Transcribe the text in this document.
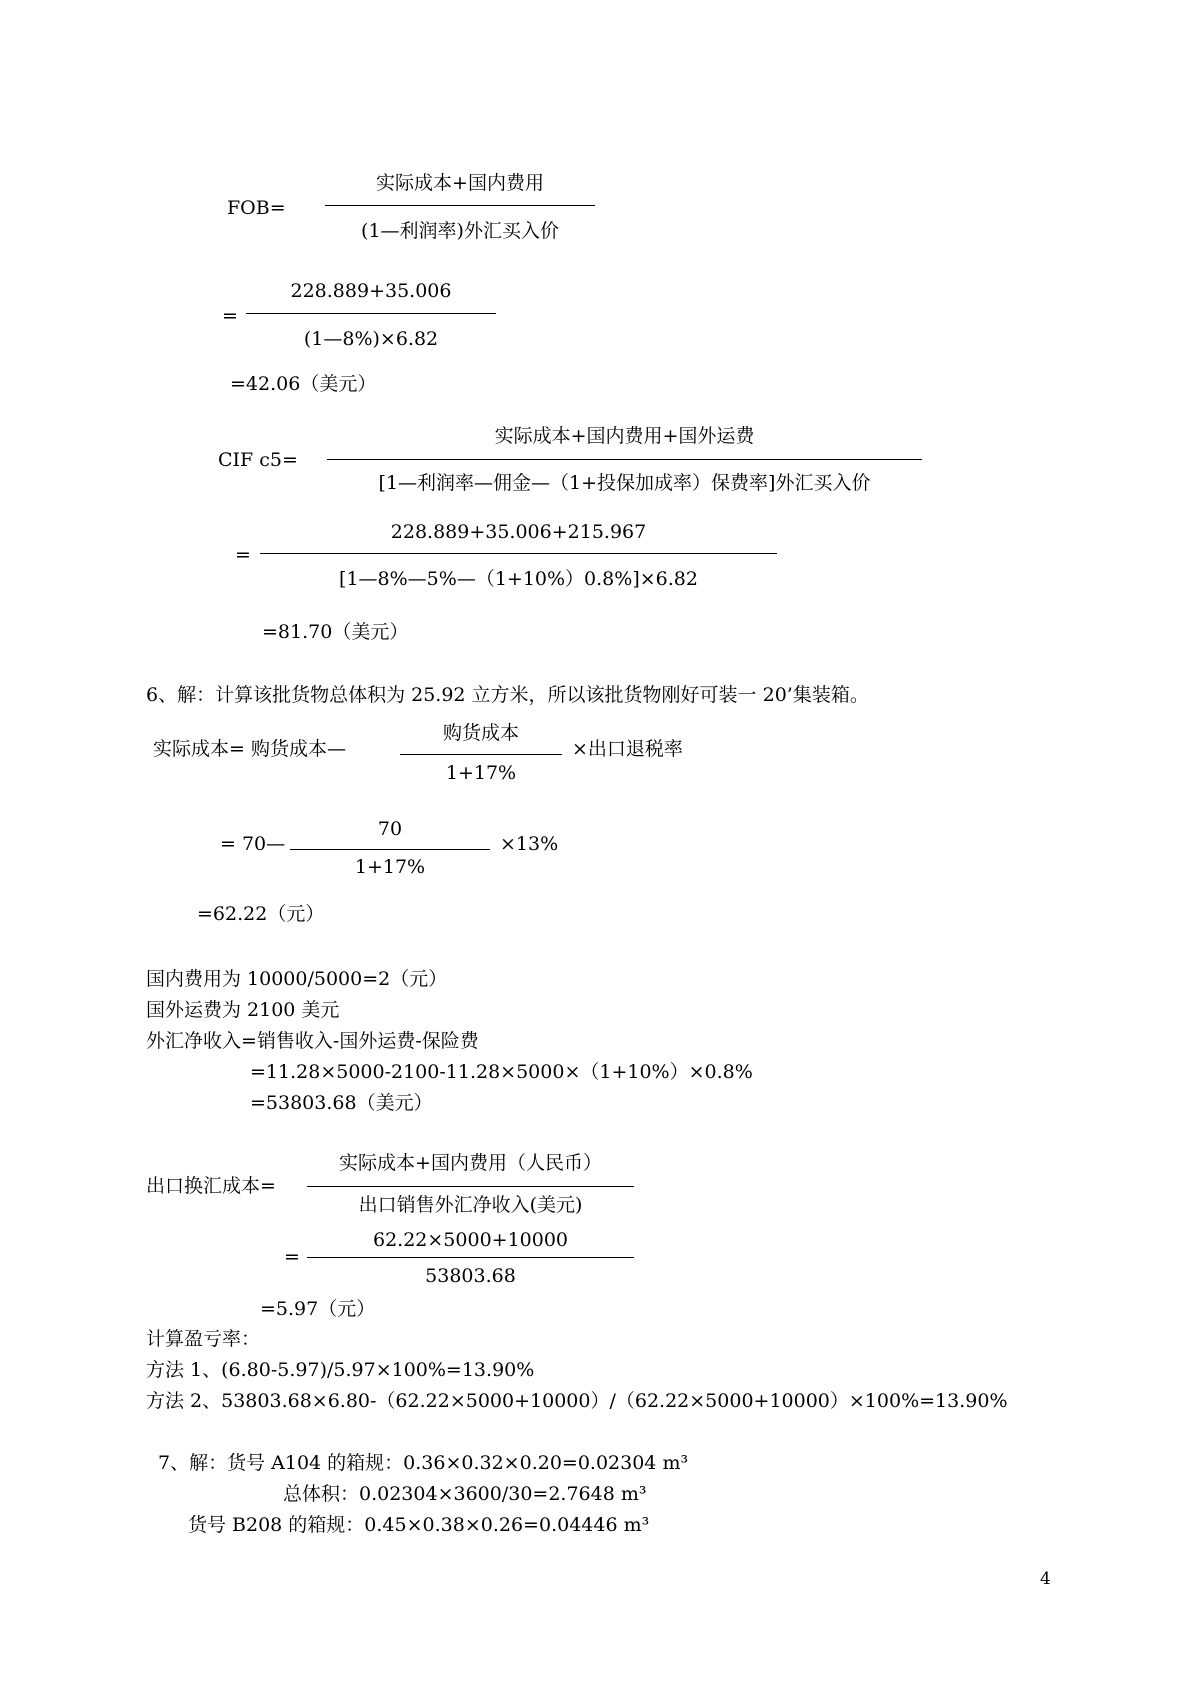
FOB=
实际成本+国内费用
(1—利润率)外汇买入价
=
228.889+35.006
(1—8%)×6.82
=42.06（美元）
CIF c5=
实际成本+国内费用+国外运费
[1—利润率—佣金—（1+投保加成率）保费率]外汇买入价
=
228.889+35.006+215.967
[1—8%—5%—（1+10%）0.8%]×6.82
=81.70（美元）
6、解：计算该批货物总体积为 25.92 立方米，所以该批货物刚好可装一 20’集装箱。
实际成本= 购货成本—
购货成本
1+17%
×出口退税率
= 70—
70
1+17%
×13%
=62.22（元）
国内费用为 10000/5000=2（元）
国外运费为 2100 美元
外汇净收入=销售收入-国外运费-保险费
=11.28×5000-2100-11.28×5000×（1+10%）×0.8%
=53803.68（美元）
出口换汇成本=
实际成本+国内费用（人民币）
出口销售外汇净收入(美元)
=
62.22×5000+10000
53803.68
=5.97（元）
计算盈亏率：
方法 1、(6.80-5.97)/5.97×100%=13.90%
方法 2、53803.68×6.80-（62.22×5000+10000）/（62.22×5000+10000）×100%=13.90%
7、解：货号 A104 的箱规：0.36×0.32×0.20=0.02304 m³
总体积：0.02304×3600/30=2.7648 m³
货号 B208 的箱规：0.45×0.38×0.26=0.04446 m³
4
